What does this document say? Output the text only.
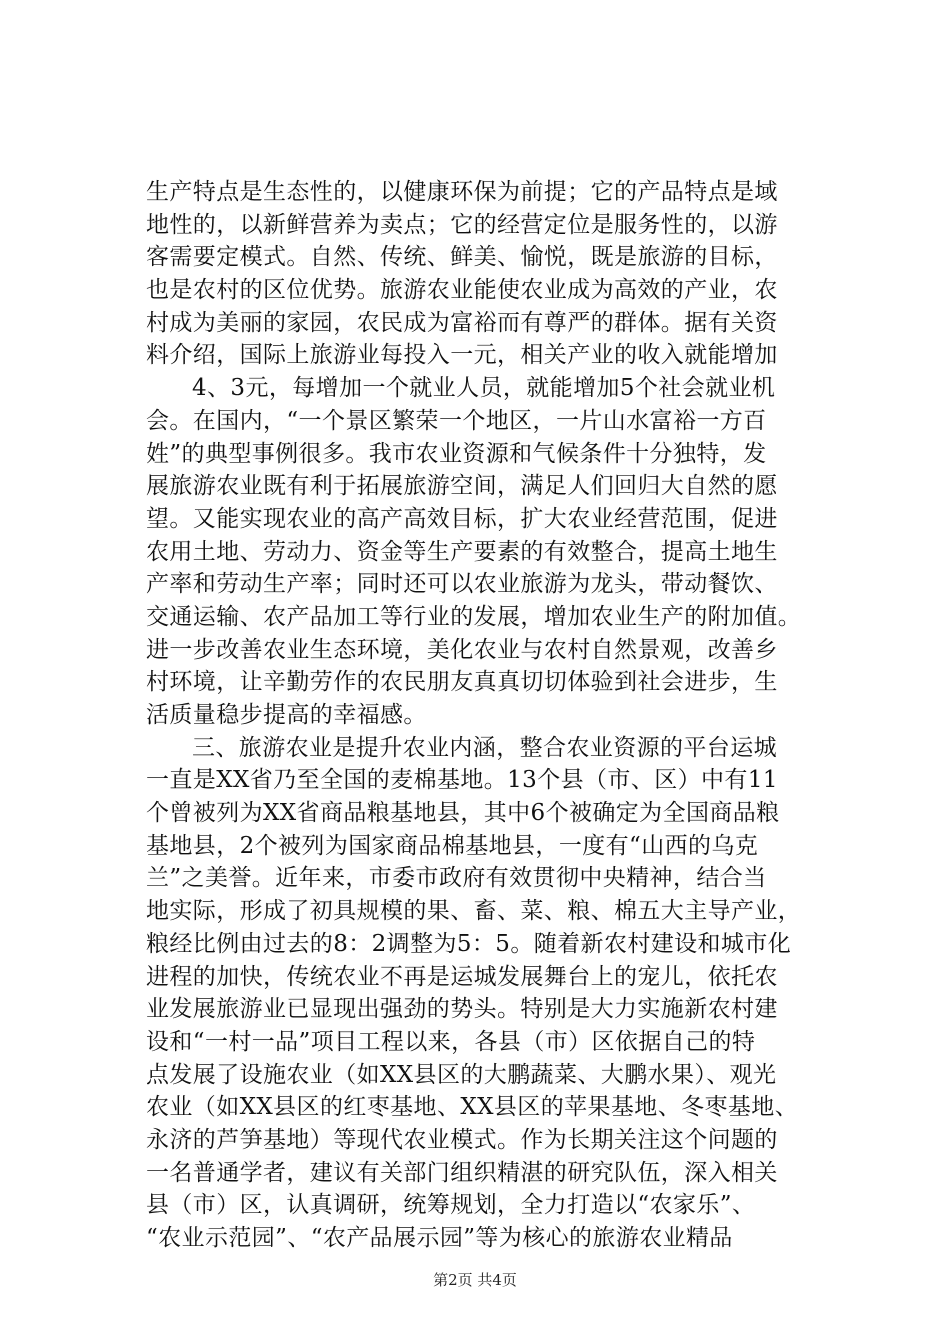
生产特点是生态性的，以健康环保为前提；它的产品特点是域
地性的，以新鲜营养为卖点；它的经营定位是服务性的，以游
客需要定模式。自然、传统、鲜美、愉悦，既是旅游的目标，
也是农村的区位优势。旅游农业能使农业成为高效的产业，农
村成为美丽的家园，农民成为富裕而有尊严的群体。据有关资
料介绍，国际上旅游业每投入一元，相关产业的收入就能增加
4、3元，每增加一个就业人员，就能增加5个社会就业机
会。在国内，“一个景区繁荣一个地区，一片山水富裕一方百
姓”的典型事例很多。我市农业资源和气候条件十分独特，发
展旅游农业既有利于拓展旅游空间，满足人们回归大自然的愿
望。又能实现农业的高产高效目标，扩大农业经营范围，促进
农用土地、劳动力、资金等生产要素的有效整合，提高土地生
产率和劳动生产率；同时还可以农业旅游为龙头，带动餐饮、
交通运输、农产品加工等行业的发展，增加农业生产的附加值。
进一步改善农业生态环境，美化农业与农村自然景观，改善乡
村环境，让辛勤劳作的农民朋友真真切切体验到社会进步，生
活质量稳步提高的幸福感。
三、旅游农业是提升农业内涵，整合农业资源的平台运城
一直是XX省乃至全国的麦棉基地。13个县（市、区）中有11
个曾被列为XX省商品粮基地县，其中6个被确定为全国商品粮
基地县，2个被列为国家商品棉基地县，一度有“山西的乌克
兰”之美誉。近年来，市委市政府有效贯彻中央精神，结合当
地实际，形成了初具规模的果、畜、菜、粮、棉五大主导产业，
粮经比例由过去的8：2调整为5：5。随着新农村建设和城市化
进程的加快，传统农业不再是运城发展舞台上的宠儿，依托农
业发展旅游业已显现出强劲的势头。特别是大力实施新农村建
设和“一村一品”项目工程以来，各县（市）区依据自己的特
点发展了设施农业（如XX县区的大鹏蔬菜、大鹏水果）、观光
农业（如XX县区的红枣基地、XX县区的苹果基地、冬枣基地、
永济的芦笋基地）等现代农业模式。作为长期关注这个问题的
一名普通学者，建议有关部门组织精湛的研究队伍，深入相关
县（市）区，认真调研，统筹规划，全力打造以“农家乐”、
“农业示范园”、“农产品展示园”等为核心的旅游农业精品
第2页 共4页
